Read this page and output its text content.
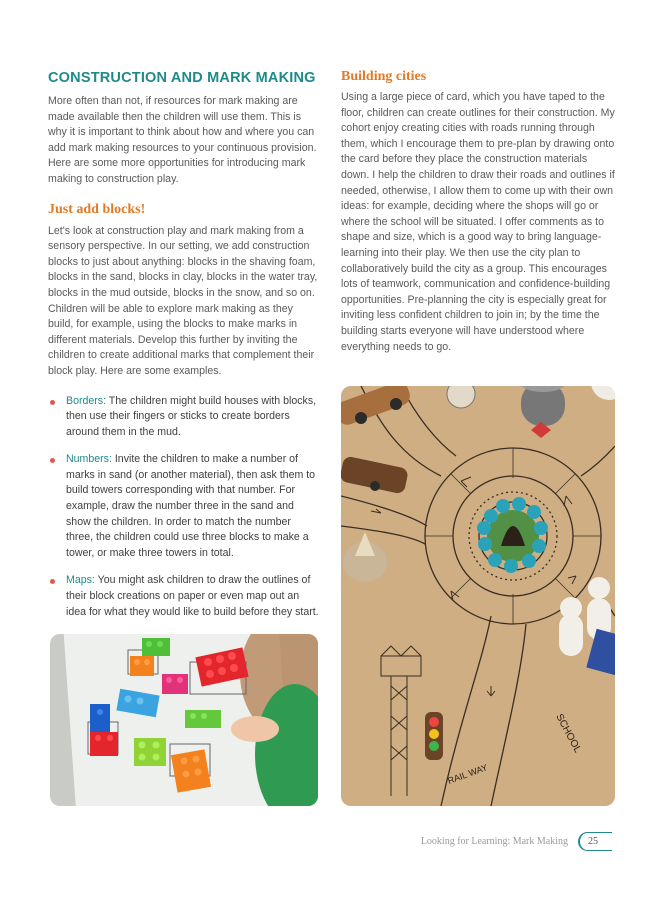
CONSTRUCTION AND MARK MAKING

More often than not, if resources for mark making are made available then the children will use them. This is why it is important to think about how and where you can add mark making resources to your continuous provision. Here are some more opportunities for introducing mark making to construction play.

Just add blocks!

Let's look at construction play and mark making from a sensory perspective. In our setting, we add construction blocks to just about anything: blocks in the shaving foam, blocks in the sand, blocks in clay, blocks in the water tray, blocks in the mud outside, blocks in the snow, and so on. Children will be able to explore mark making as they build, for example, using the blocks to make marks in different materials. Develop this further by inviting the children to create additional marks that complement their block play. Here are some examples.

Borders: The children might build houses with blocks, then use their fingers or sticks to create borders around them in the mud.
Numbers: Invite the children to make a number of marks in sand (or another material), then ask them to build towers corresponding with that number. For example, draw the number three in the sand and show the children. In order to match the number three, the children could use three blocks to make a tower, or make three towers in total.
Maps: You might ask children to draw the outlines of their block creations on paper or even map out an idea for what they would like to build before they start.
Building cities

Using a large piece of card, which you have taped to the floor, children can create outlines for their construction. My cohort enjoy creating cities with roads running through them, which I encourage them to pre-plan by drawing onto the card before they place the construction materials down. I help the children to draw their roads and outlines if needed, otherwise, I allow them to come up with their own ideas: for example, deciding where the shops will go or where the school will be situated. I offer comments as to shape and size, which is a good way to bring language-learning into their play. We then use the city plan to collaboratively build the city as a group. This encourages lots of teamwork, communication and confidence-building opportunities. Pre-planning the city is especially great for inviting less confident children to join in; by the time the building starts everyone will have understood where everything needs to go.

SCHOOL
RAIL WAY
Looking for Learning: Mark Making	25
